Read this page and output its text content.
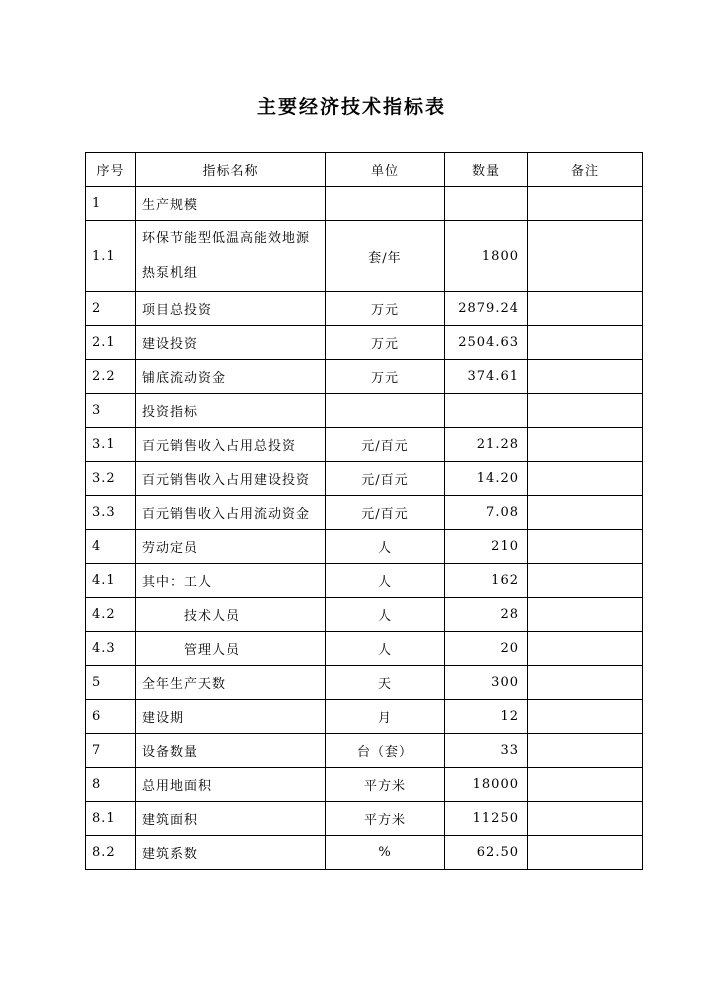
主要经济技术指标表
序号	指标名称	单位	数量	备注
1	生产规模			
1.1	环保节能型低温高能效地源热泵机组	套/年	1800	
2	项目总投资	万元	2879.24	
2.1	建设投资	万元	2504.63	
2.2	铺底流动资金	万元	374.61	
3	投资指标			
3.1	百元销售收入占用总投资	元/百元	21.28	
3.2	百元销售收入占用建设投资	元/百元	14.20	
3.3	百元销售收入占用流动资金	元/百元	7.08	
4	劳动定员	人	210	
4.1	其中：工人	人	162	
4.2	技术人员	人	28	
4.3	管理人员	人	20	
5	全年生产天数	天	300	
6	建设期	月	12	
7	设备数量	台（套）	33	
8	总用地面积	平方米	18000	
8.1	建筑面积	平方米	11250	
8.2	建筑系数	%	62.50	
